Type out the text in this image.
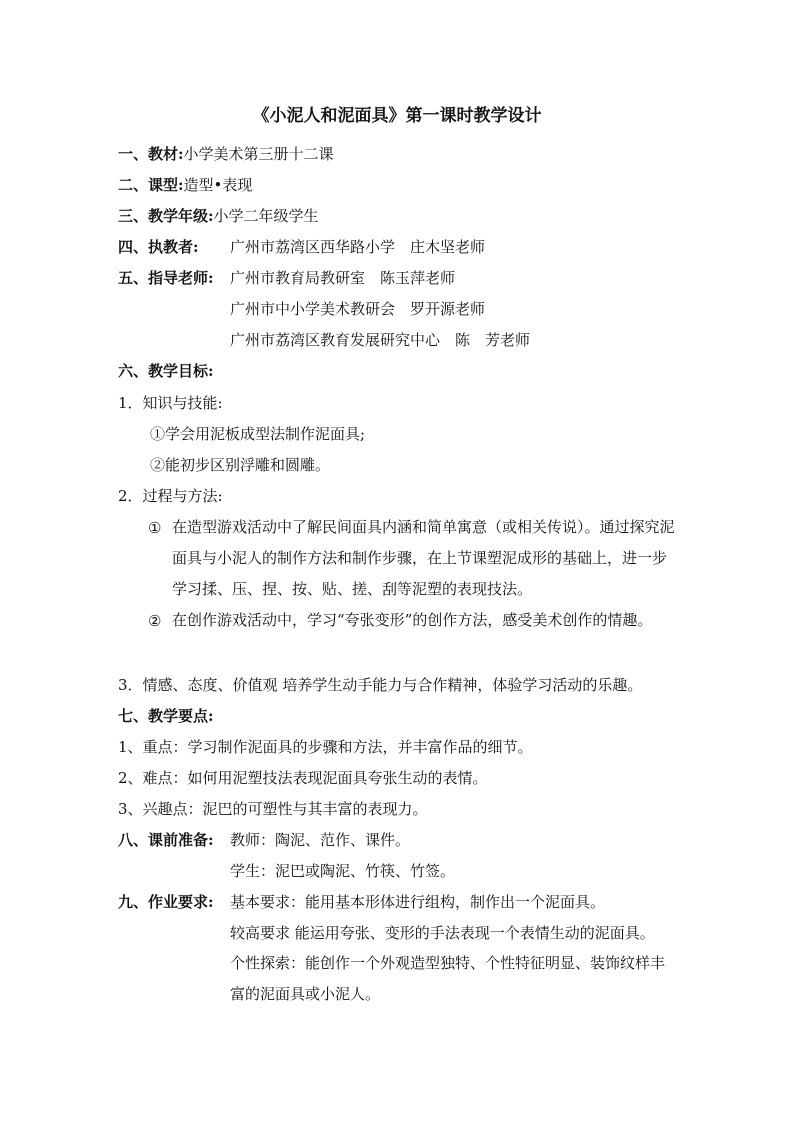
《小泥人和泥面具》第一课时教学设计
一、教材:小学美术第三册十二课
二、课型:造型•表现
三、教学年级:小学二年级学生
四、执教者: 广州市荔湾区西华路小学　庄木坚老师
五、指导老师: 广州市教育局教研室　陈玉萍老师
广州市中小学美术教研会　罗开源老师
广州市荔湾区教育发展研究中心　陈　芳老师
六、教学目标:
1．知识与技能:
①学会用泥板成型法制作泥面具;
②能初步区别浮雕和圆雕。
2．过程与方法:
① 在造型游戏活动中了解民间面具内涵和简单寓意（或相关传说）。通过探究泥面具与小泥人的制作方法和制作步骤，在上节课塑泥成形的基础上，进一步学习揉、压、捏、按、贴、搓、刮等泥塑的表现技法。
② 在创作游戏活动中，学习“夸张变形”的创作方法，感受美术创作的情趣。
3．情感、态度、价值观 培养学生动手能力与合作精神，体验学习活动的乐趣。
七、教学要点:
1、重点：学习制作泥面具的步骤和方法，并丰富作品的细节。
2、难点：如何用泥塑技法表现泥面具夸张生动的表情。
3、兴趣点：泥巴的可塑性与其丰富的表现力。
八、课前准备: 教师：陶泥、范作、课件。
学生：泥巴或陶泥、竹筷、竹签。
九、作业要求: 基本要求：能用基本形体进行组构，制作出一个泥面具。
较高要求 能运用夸张、变形的手法表现一个表情生动的泥面具。
个性探索：能创作一个外观造型独特、个性特征明显、装饰纹样丰富的泥面具或小泥人。
